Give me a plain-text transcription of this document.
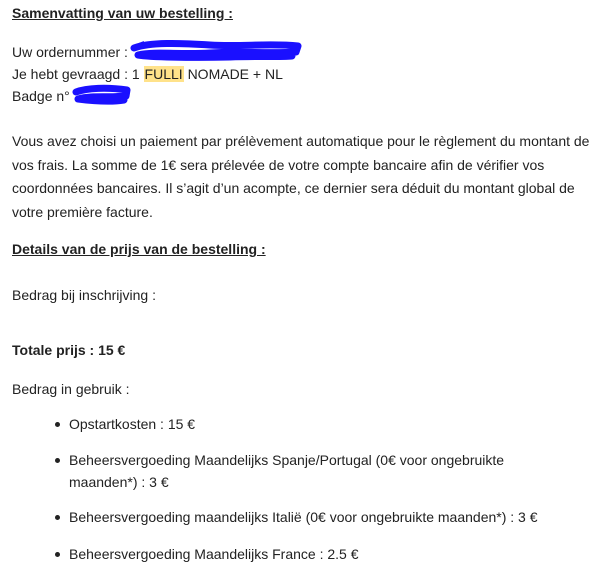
Samenvatting van uw bestelling :

Uw ordernummer :
Je hebt gevraagd : 1 FULLI NOMADE + NL
Badge n°

Vous avez choisi un paiement par prélèvement automatique pour le règlement du montant de vos frais. La somme de 1€ sera prélevée de votre compte bancaire afin de vérifier vos coordonnées bancaires. Il s’agit d’un acompte, ce dernier sera déduit du montant global de votre première facture.

Details van de prijs van de bestelling :

Bedrag bij inschrijving :
Totale prijs : 15 €
Bedrag in gebruik :
Opstartkosten : 15 €
Beheersvergoeding Maandelijks Spanje/Portugal (0€ voor ongebruikte maanden*) : 3 €
Beheersvergoeding maandelijks Italië (0€ voor ongebruikte maanden*) : 3 €
Beheersvergoeding Maandelijks France : 2.5 €
